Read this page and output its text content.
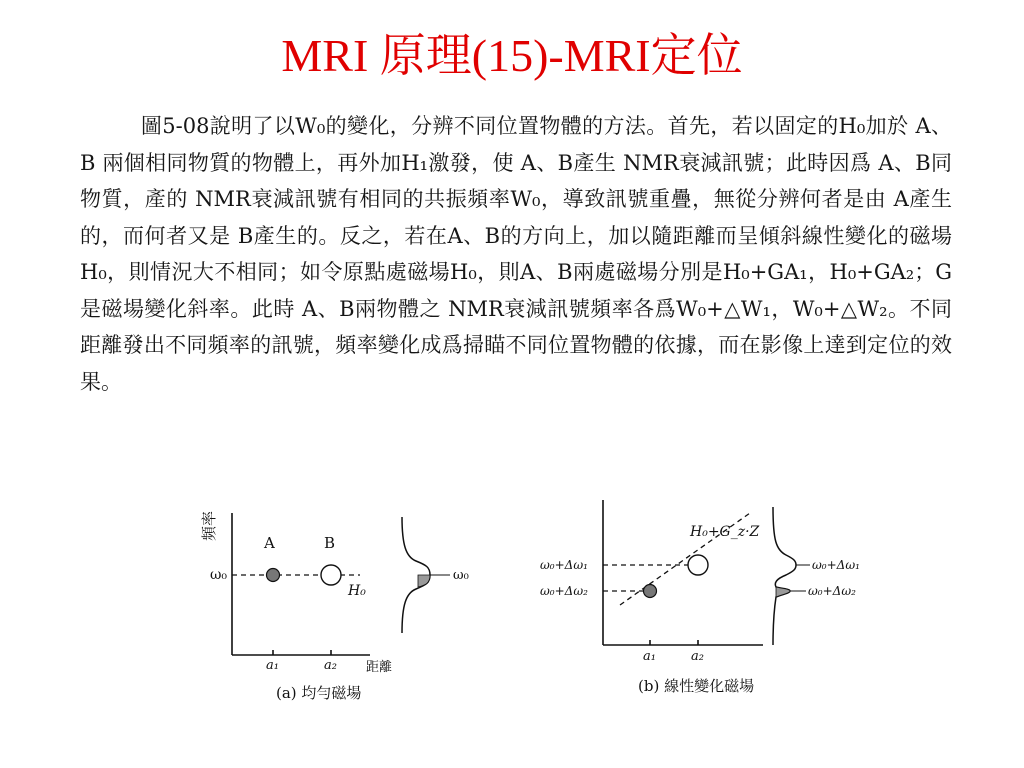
MRI 原理(15)-MRI定位

圖5-08說明了以W₀的變化，分辨不同位置物體的方法。首先，若以固定的H₀加於 A、B 兩個相同物質的物體上，再外加H₁激發，使 A、B產生 NMR衰減訊號；此時因爲 A、B同物質，產的 NMR衰減訊號有相同的共振頻率W₀，導致訊號重疊，無從分辨何者是由 A產生的，而何者又是 B產生的。反之，若在A、B的方向上，加以隨距離而呈傾斜線性變化的磁場H₀，則情況大不相同；如令原點處磁場H₀，則A、B兩處磁場分別是H₀+GA₁，H₀+GA₂；G是磁場變化斜率。此時 A、B兩物體之 NMR衰減訊號頻率各爲W₀+△W₁，W₀+△W₂。不同距離發出不同頻率的訊號，頻率變化成爲掃瞄不同位置物體的依據，而在影像上達到定位的效果。

頻率
ω₀
A	B
H₀
a₁	a₂ 距離
ω₀
(a) 均勻磁場
H₀+G_z·Z
ω₀+Δω₁
ω₀+Δω₂
a₁	a₂
ω₀+Δω₁
ω₀+Δω₂
(b) 線性變化磁場
